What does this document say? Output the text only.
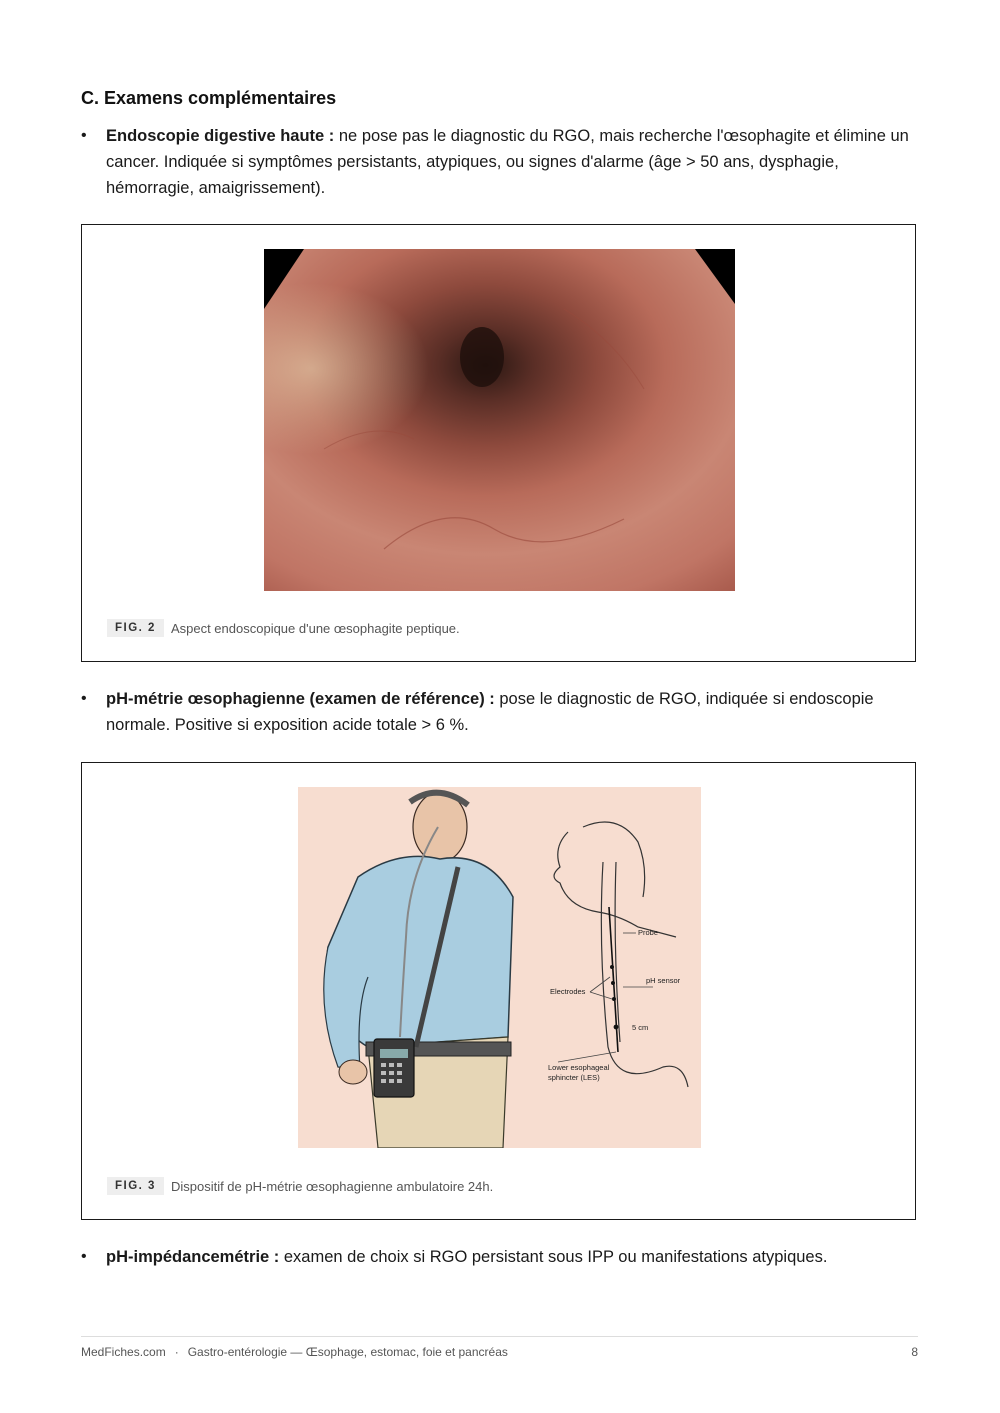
C. Examens complémentaires
• Endoscopie digestive haute : ne pose pas le diagnostic du RGO, mais recherche l'œsophagite et élimine un cancer. Indiquée si symptômes persistants, atypiques, ou signes d'alarme (âge > 50 ans, dysphagie, hémorragie, amaigrissement).
FIG. 2	Aspect endoscopique d'une œsophagite peptique.
• pH-métrie œsophagienne (examen de référence) : pose le diagnostic de RGO, indiquée si endoscopie normale. Positive si exposition acide totale > 6 %.
Probe
pH sensor
Electrodes
5 cm
Lower esophageal
sphincter (LES)
FIG. 3	Dispositif de pH-métrie œsophagienne ambulatoire 24h.
• pH-impédancemétrie : examen de choix si RGO persistant sous IPP ou manifestations atypiques.
MedFiches.com · Gastro-entérologie — Œsophage, estomac, foie et pancréas	8
